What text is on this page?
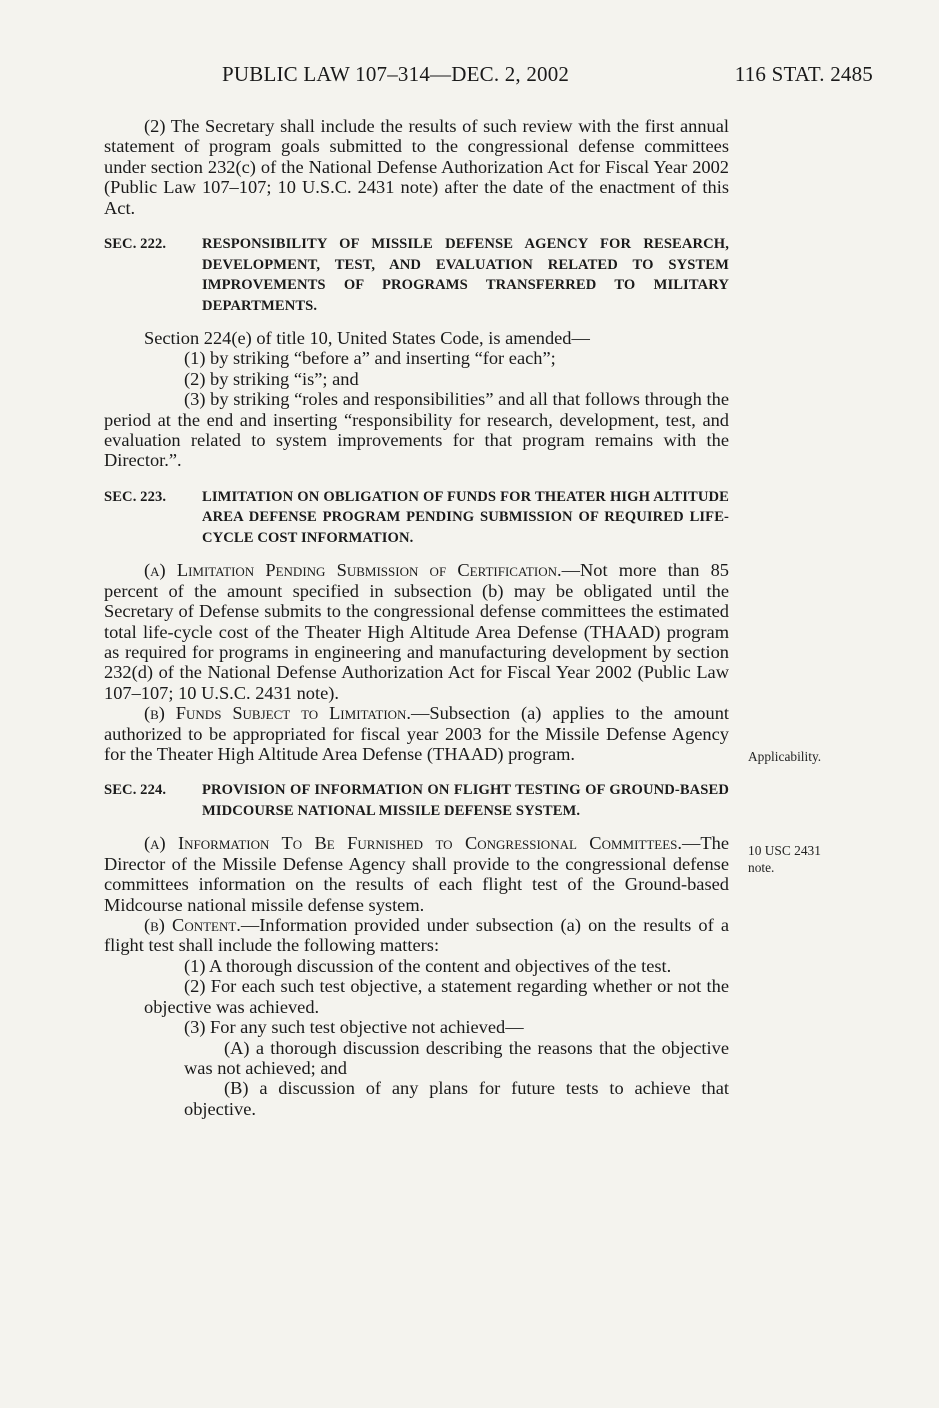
PUBLIC LAW 107–314—DEC. 2, 2002	116 STAT. 2485

(2) The Secretary shall include the results of such review with the first annual statement of program goals submitted to the congressional defense committees under section 232(c) of the National Defense Authorization Act for Fiscal Year 2002 (Public Law 107–107; 10 U.S.C. 2431 note) after the date of the enactment of this Act.

SEC. 222.	RESPONSIBILITY OF MISSILE DEFENSE AGENCY FOR RESEARCH, DEVELOPMENT, TEST, AND EVALUATION RELATED TO SYSTEM IMPROVEMENTS OF PROGRAMS TRANSFERRED TO MILITARY DEPARTMENTS.

Section 224(e) of title 10, United States Code, is amended—

(1) by striking “before a” and inserting “for each”;

(2) by striking “is”; and

(3) by striking “roles and responsibilities” and all that follows through the period at the end and inserting “responsibility for research, development, test, and evaluation related to system improvements for that program remains with the Director.”.

SEC. 223.	LIMITATION ON OBLIGATION OF FUNDS FOR THEATER HIGH ALTITUDE AREA DEFENSE PROGRAM PENDING SUBMISSION OF REQUIRED LIFE-CYCLE COST INFORMATION.

(a) Limitation Pending Submission of Certification.—Not more than 85 percent of the amount specified in subsection (b) may be obligated until the Secretary of Defense submits to the congressional defense committees the estimated total life-cycle cost of the Theater High Altitude Area Defense (THAAD) program as required for programs in engineering and manufacturing development by section 232(d) of the National Defense Authorization Act for Fiscal Year 2002 (Public Law 107–107; 10 U.S.C. 2431 note).

(b) Funds Subject to Limitation.—Subsection (a) applies to the amount authorized to be appropriated for fiscal year 2003 for the Missile Defense Agency for the Theater High Altitude Area Defense (THAAD) program.

SEC. 224.	PROVISION OF INFORMATION ON FLIGHT TESTING OF GROUND-BASED MIDCOURSE NATIONAL MISSILE DEFENSE SYSTEM.

(a) Information To Be Furnished to Congressional Committees.—The Director of the Missile Defense Agency shall provide to the congressional defense committees information on the results of each flight test of the Ground-based Midcourse national missile defense system.

(b) Content.—Information provided under subsection (a) on the results of a flight test shall include the following matters:

(1) A thorough discussion of the content and objectives of the test.

(2) For each such test objective, a statement regarding whether or not the objective was achieved.

(3) For any such test objective not achieved—

(A) a thorough discussion describing the reasons that the objective was not achieved; and

(B) a discussion of any plans for future tests to achieve that objective.

Applicability.
10 USC 2431
note.
